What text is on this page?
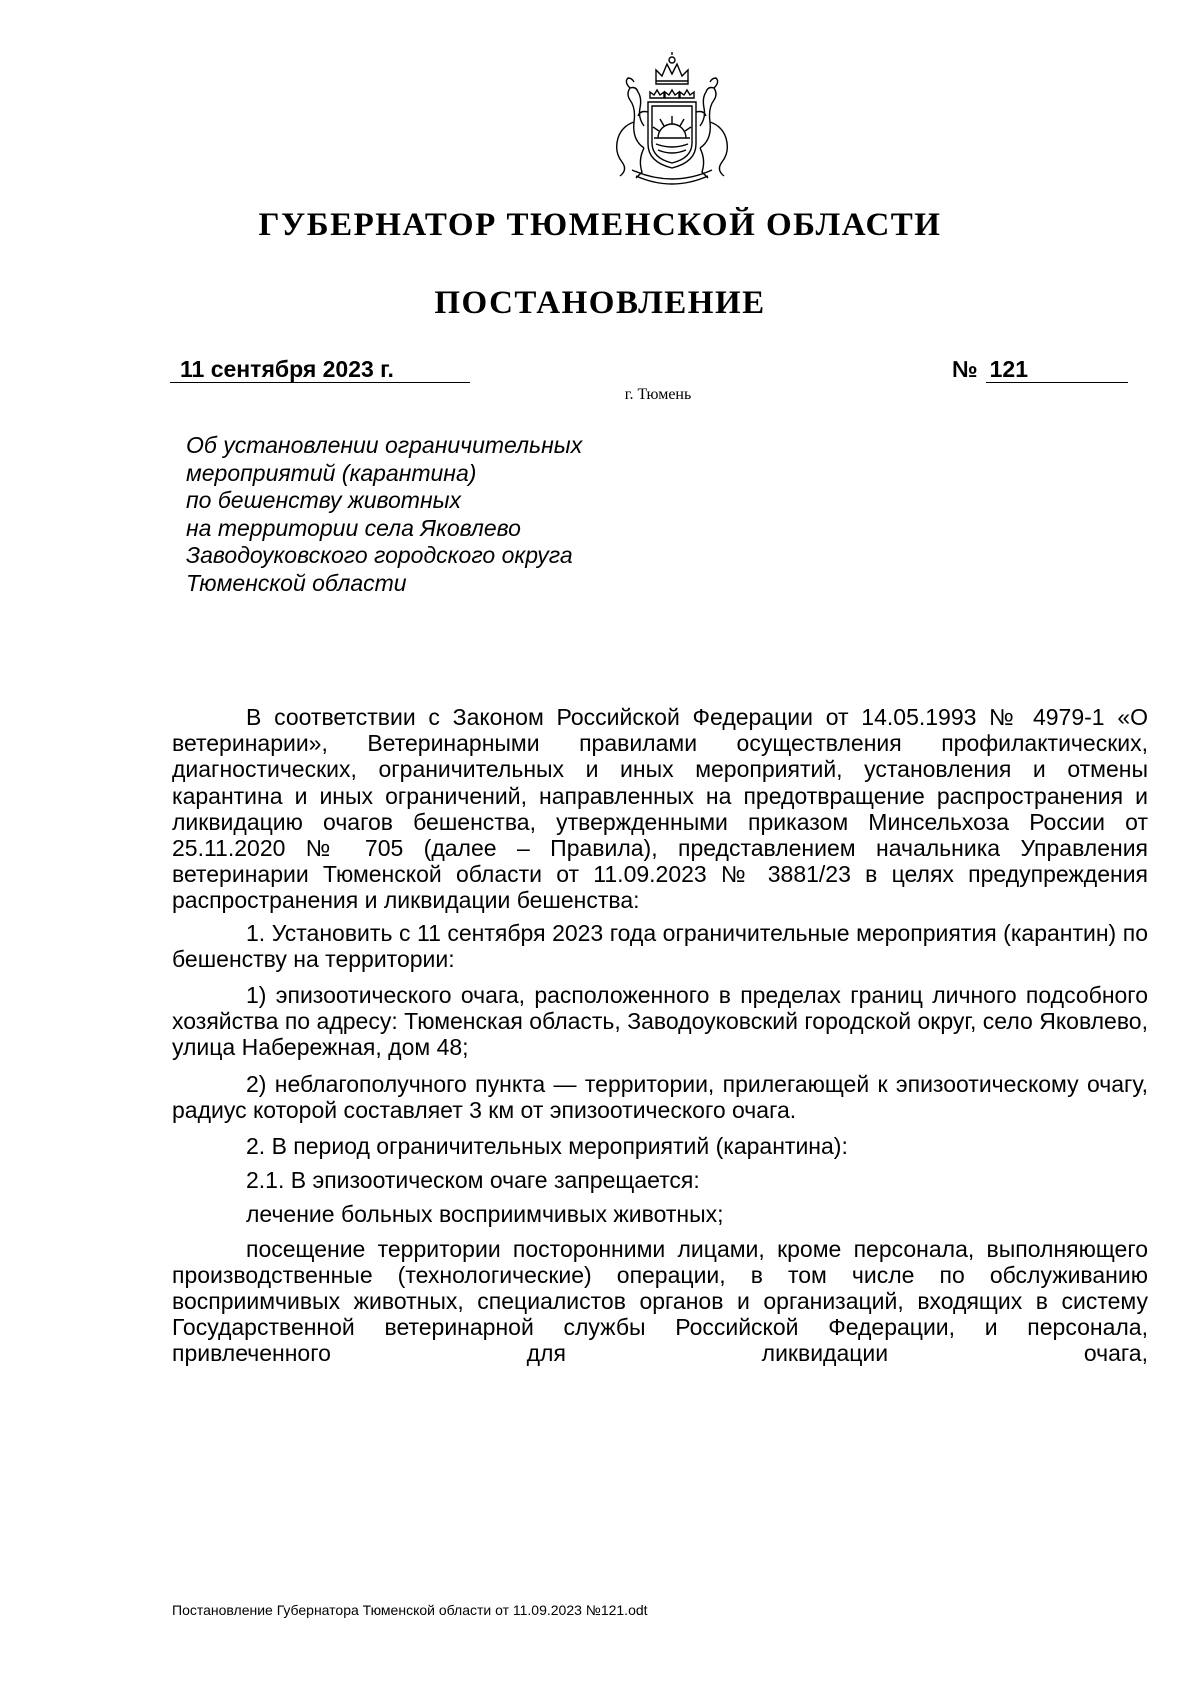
ГУБЕРНАТОР ТЮМЕНСКОЙ ОБЛАСТИ
ПОСТАНОВЛЕНИЕ
11 сентября 2023 г.	№ 121
г. Тюмень
Об установлении ограничительных
мероприятий (карантина)
по бешенству животных
на территории села Яковлево
Заводоуковского городского округа
Тюменской области

В соответствии с Законом Российской Федерации от 14.05.1993 № 4979-1 «О ветеринарии», Ветеринарными правилами осуществления профилактических, диагностических, ограничительных и иных мероприятий, установления и отмены карантина и иных ограничений, направленных на предотвращение распространения и ликвидацию очагов бешенства, утвержденными приказом Минсельхоза России от 25.11.2020 № 705 (далее – Правила), представлением начальника Управления ветеринарии Тюменской области от 11.09.2023 № 3881/23 в целях предупреждения распространения и ликвидации бешенства:

1. Установить с 11 сентября 2023 года ограничительные мероприятия (карантин) по бешенству на территории:

1) эпизоотического очага, расположенного в пределах границ личного подсобного хозяйства по адресу: Тюменская область, Заводоуковский городской округ, село Яковлево, улица Набережная, дом 48;

2) неблагополучного пункта — территории, прилегающей к эпизоотическому очагу, радиус которой составляет 3 км от эпизоотического очага.

2. В период ограничительных мероприятий (карантина):

2.1. В эпизоотическом очаге запрещается:

лечение больных восприимчивых животных;

посещение территории посторонними лицами, кроме персонала, выполняющего производственные (технологические) операции, в том числе по обслуживанию восприимчивых животных, специалистов органов и организаций, входящих в систему Государственной ветеринарной службы Российской Федерации, и персонала, привлеченного для ликвидации очага,

Постановление Губернатора Тюменской области от 11.09.2023 №121.odt
